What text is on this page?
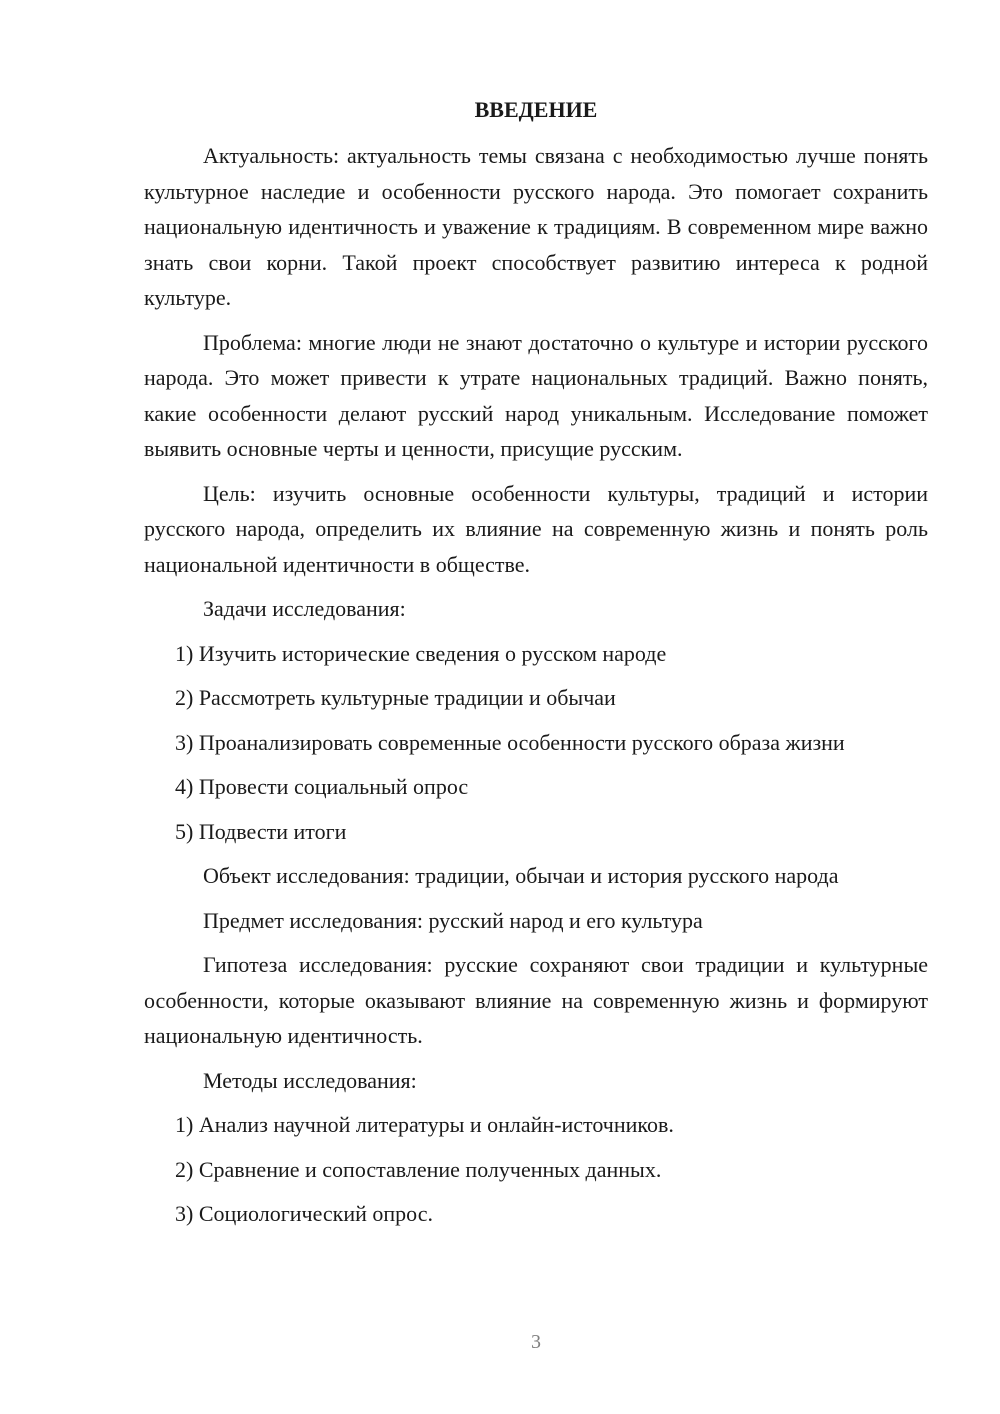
ВВЕДЕНИЕ

Актуальность: актуальность темы связана с необходимостью лучше понять культурное наследие и особенности русского народа. Это помогает сохранить национальную идентичность и уважение к традициям. В современном мире важно знать свои корни. Такой проект способствует развитию интереса к родной культуре.

Проблема: многие люди не знают достаточно о культуре и истории русского народа. Это может привести к утрате национальных традиций. Важно понять, какие особенности делают русский народ уникальным. Исследование поможет выявить основные черты и ценности, присущие русским.

Цель: изучить основные особенности культуры, традиций и истории русского народа, определить их влияние на современную жизнь и понять роль национальной идентичности в обществе.

Задачи исследования:

1) Изучить исторические сведения о русском народе

2) Рассмотреть культурные традиции и обычаи

3) Проанализировать современные особенности русского образа жизни

4) Провести социальный опрос

5) Подвести итоги

Объект исследования: традиции, обычаи и история русского народа

Предмет исследования: русский народ и его культура

Гипотеза исследования: русские сохраняют свои традиции и культурные особенности, которые оказывают влияние на современную жизнь и формируют национальную идентичность.

Методы исследования:

1) Анализ научной литературы и онлайн-источников.

2) Сравнение и сопоставление полученных данных.

3) Социологический опрос.

3
